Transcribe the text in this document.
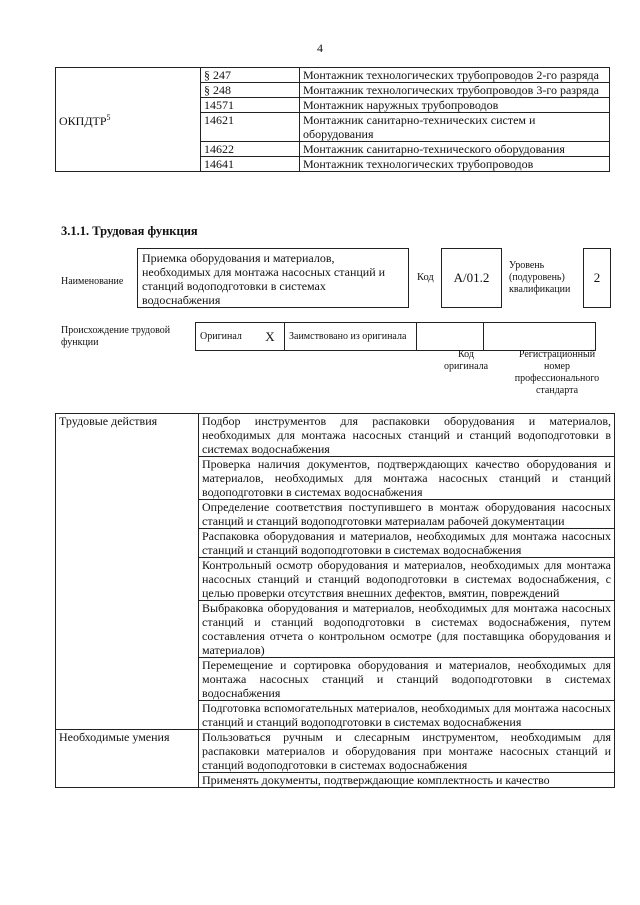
4
ОКПДТР$^5$	§ 247	Монтажник технологических трубопроводов 2-го разряда
	§ 248	Монтажник технологических трубопроводов 3-го разряда
	14571	Монтажник наружных трубопроводов
	14621	Монтажник санитарно-технических систем и оборудования
	14622	Монтажник санитарно-технического оборудования
	14641	Монтажник технологических трубопроводов
3.1.1. Трудовая функция
Наименование
Приемка оборудования и материалов, необходимых для монтажа насосных станций и станций водоподготовки в системах водоснабжения
Код	A/01.2
Уровень (подуровень) квалификации
2
Происхождение трудовой функции
Оригинал	X	Заимствовано из оригинала		
Код оригинала
Регистрационный номер профессионального стандарта
Трудовые действия	Подбор инструментов для распаковки оборудования и материалов, необходимых для монтажа насосных станций и станций водоподготовки в системах водоснабжения
	Проверка наличия документов, подтверждающих качество оборудования и материалов, необходимых для монтажа насосных станций и станций водоподготовки в системах водоснабжения
	Определение соответствия поступившего в монтаж оборудования насосных станций и станций водоподготовки материалам рабочей документации
	Распаковка оборудования и материалов, необходимых для монтажа насосных станций и станций водоподготовки в системах водоснабжения
	Контрольный осмотр оборудования и материалов, необходимых для монтажа насосных станций и станций водоподготовки в системах водоснабжения, с целью проверки отсутствия внешних дефектов, вмятин, повреждений
	Выбраковка оборудования и материалов, необходимых для монтажа насосных станций и станций водоподготовки в системах водоснабжения, путем составления отчета о контрольном осмотре (для поставщика оборудования и материалов)
	Перемещение и сортировка оборудования и материалов, необходимых для монтажа насосных станций и станций водоподготовки в системах водоснабжения
	Подготовка вспомогательных материалов, необходимых для монтажа насосных станций и станций водоподготовки в системах водоснабжения
Необходимые умения	Пользоваться ручным и слесарным инструментом, необходимым для распаковки материалов и оборудования при монтаже насосных станций и станций водоподготовки в системах водоснабжения
	Применять документы, подтверждающие комплектность и качество
